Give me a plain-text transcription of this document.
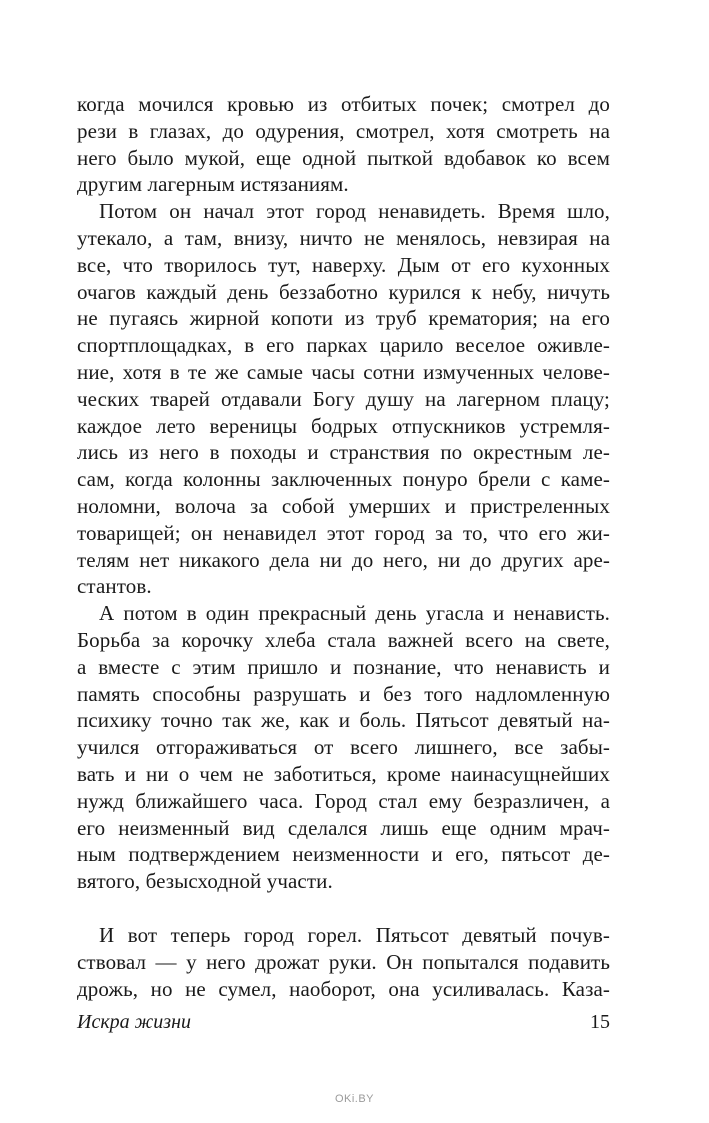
когда мочился кровью из отбитых почек; смотрел до
рези в глазах, до одурения, смотрел, хотя смотреть на
него было мукой, еще одной пыткой вдобавок ко всем
другим лагерным истязаниям.
Потом он начал этот город ненавидеть. Время шло,
утекало, а там, внизу, ничто не менялось, невзирая на
все, что творилось тут, наверху. Дым от его кухонных
очагов каждый день беззаботно курился к небу, ничуть
не пугаясь жирной копоти из труб крематория; на его
спортплощадках, в его парках царило веселое оживле-
ние, хотя в те же самые часы сотни измученных челове-
ческих тварей отдавали Богу душу на лагерном плацу;
каждое лето вереницы бодрых отпускников устремля-
лись из него в походы и странствия по окрестным ле-
сам, когда колонны заключенных понуро брели с каме-
ноломни, волоча за собой умерших и пристреленных
товарищей; он ненавидел этот город за то, что его жи-
телям нет никакого дела ни до него, ни до других аре-
стантов.
А потом в один прекрасный день угасла и ненависть.
Борьба за корочку хлеба стала важней всего на свете,
а вместе с этим пришло и познание, что ненависть и
память способны разрушать и без того надломленную
психику точно так же, как и боль. Пятьсот девятый на-
учился отгораживаться от всего лишнего, все забы-
вать и ни о чем не заботиться, кроме наинасущнейших
нужд ближайшего часа. Город стал ему безразличен, а
его неизменный вид сделался лишь еще одним мрач-
ным подтверждением неизменности и его, пятьсот де-
вятого, безысходной участи.
И вот теперь город горел. Пятьсот девятый почув-
ствовал — у него дрожат руки. Он попытался подавить
дрожь, но не сумел, наоборот, она усиливалась. Каза-
Искра жизни	15
OKi.BY
